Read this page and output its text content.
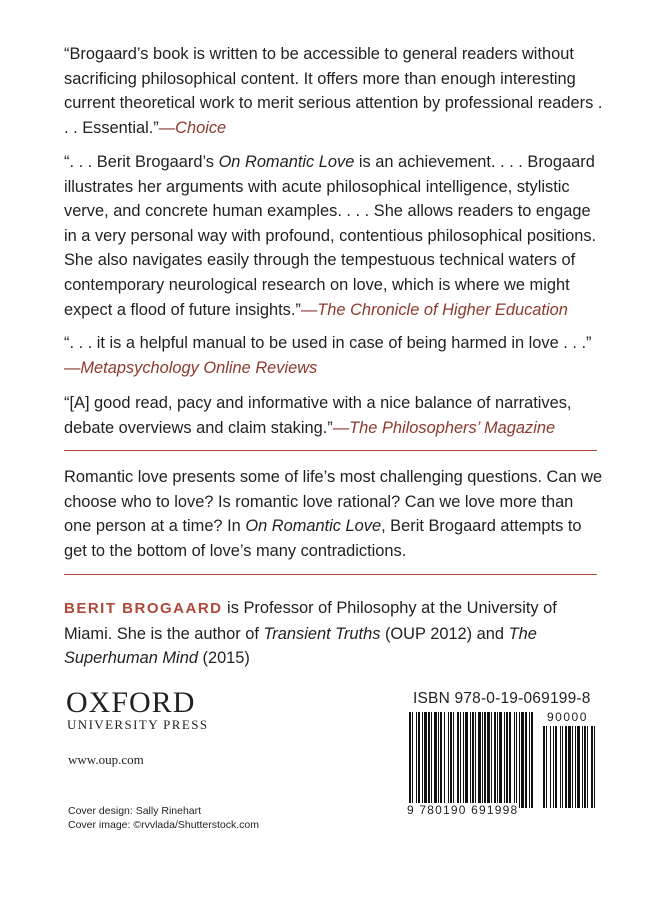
“Brogaard’s book is written to be accessible to general readers without sacrificing philosophical content. It offers more than enough interesting current theoretical work to merit serious attention by professional readers . . . Essential.”—Choice
“. . . Berit Brogaard’s On Romantic Love is an achievement. . . . Brogaard illustrates her arguments with acute philosophical intelligence, stylistic verve, and concrete human examples. . . . She allows readers to engage in a very personal way with profound, contentious philosophical positions. She also navigates easily through the tempestuous technical waters of contemporary neurological research on love, which is where we might expect a flood of future insights.”—The Chronicle of Higher Education
“. . . it is a helpful manual to be used in case of being harmed in love . . .”
—Metapsychology Online Reviews
“[A] good read, pacy and informative with a nice balance of narratives, debate overviews and claim staking.”—The Philosophers’ Magazine

Romantic love presents some of life’s most challenging questions. Can we choose who to love? Is romantic love rational? Can we love more than one person at a time? In On Romantic Love, Berit Brogaard attempts to get to the bottom of love’s many contradictions.

BERIT BROGAARD is Professor of Philosophy at the University of Miami. She is the author of Transient Truths (OUP 2012) and The Superhuman Mind (2015)

OXFORD
UNIVERSITY PRESS
www.oup.com
Cover design: Sally Rinehart
Cover image: ©rvvlada/Shutterstock.com
ISBN 978-0-19-069199-8
90000
9 780190 691998
